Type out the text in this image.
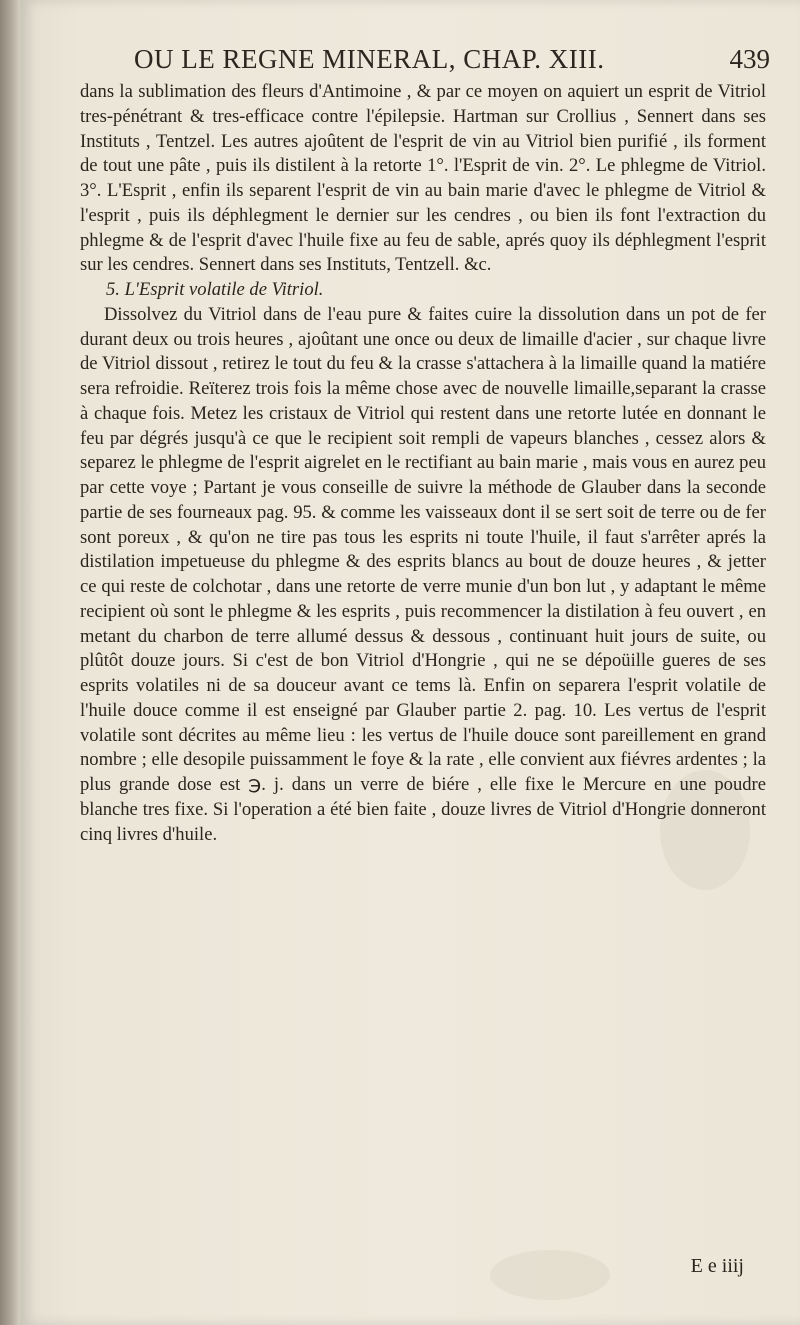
OU LE REGNE MINERAL, CHAP. XIII.	439

dans la sublimation des fleurs d'Antimoine , & par ce moyen on aquiert un esprit de Vitriol tres-pénétrant & tres-efficace contre l'épilepsie. Hartman sur Crollius , Sennert dans ses Instituts , Tentzel. Les autres ajoûtent de l'esprit de vin au Vitriol bien purifié , ils forment de tout une pâte , puis ils distilent à la retorte 1°. l'Esprit de vin. 2°. Le phlegme de Vitriol. 3°. L'Esprit , enfin ils separent l'esprit de vin au bain marie d'avec le phlegme de Vitriol & l'esprit , puis ils déphlegment le dernier sur les cendres , ou bien ils font l'extraction du phlegme & de l'esprit d'avec l'huile fixe au feu de sable, aprés quoy ils déphlegment l'esprit sur les cendres. Sennert dans ses Instituts, Tentzell. &c.

5. L'Esprit volatile de Vitriol.

Dissolvez du Vitriol dans de l'eau pure & faites cuire la dissolution dans un pot de fer durant deux ou trois heures , ajoûtant une once ou deux de limaille d'acier , sur chaque livre de Vitriol dissout , retirez le tout du feu & la crasse s'attachera à la limaille quand la matiére sera refroidie. Reïterez trois fois la même chose avec de nouvelle limaille,separant la crasse à chaque fois. Metez les cristaux de Vitriol qui restent dans une retorte lutée en donnant le feu par dégrés jusqu'à ce que le recipient soit rempli de vapeurs blanches , cessez alors & separez le phlegme de l'esprit aigrelet en le rectifiant au bain marie , mais vous en aurez peu par cette voye ; Partant je vous conseille de suivre la méthode de Glauber dans la seconde partie de ses fourneaux pag. 95. & comme les vaisseaux dont il se sert soit de terre ou de fer sont poreux , & qu'on ne tire pas tous les esprits ni toute l'huile, il faut s'arrêter aprés la distilation impetueuse du phlegme & des esprits blancs au bout de douze heures , & jetter ce qui reste de colchotar , dans une retorte de verre munie d'un bon lut , y adaptant le même recipient où sont le phlegme & les esprits , puis recommencer la distilation à feu ouvert , en metant du charbon de terre allumé dessus & dessous , continuant huit jours de suite, ou plûtôt douze jours. Si c'est de bon Vitriol d'Hongrie , qui ne se dépoüille gueres de ses esprits volatiles ni de sa douceur avant ce tems là. Enfin on separera l'esprit volatile de l'huile douce comme il est enseigné par Glauber partie 2. pag. 10. Les vertus de l'esprit volatile sont décrites au même lieu : les vertus de l'huile douce sont pareillement en grand nombre ; elle desopile puissamment le foye & la rate , elle convient aux fiévres ardentes ; la plus grande dose est ℈. j. dans un verre de biére , elle fixe le Mercure en une poudre blanche tres fixe. Si l'operation a été bien faite , douze livres de Vitriol d'Hongrie donneront cinq livres d'huile.

E e iiij
